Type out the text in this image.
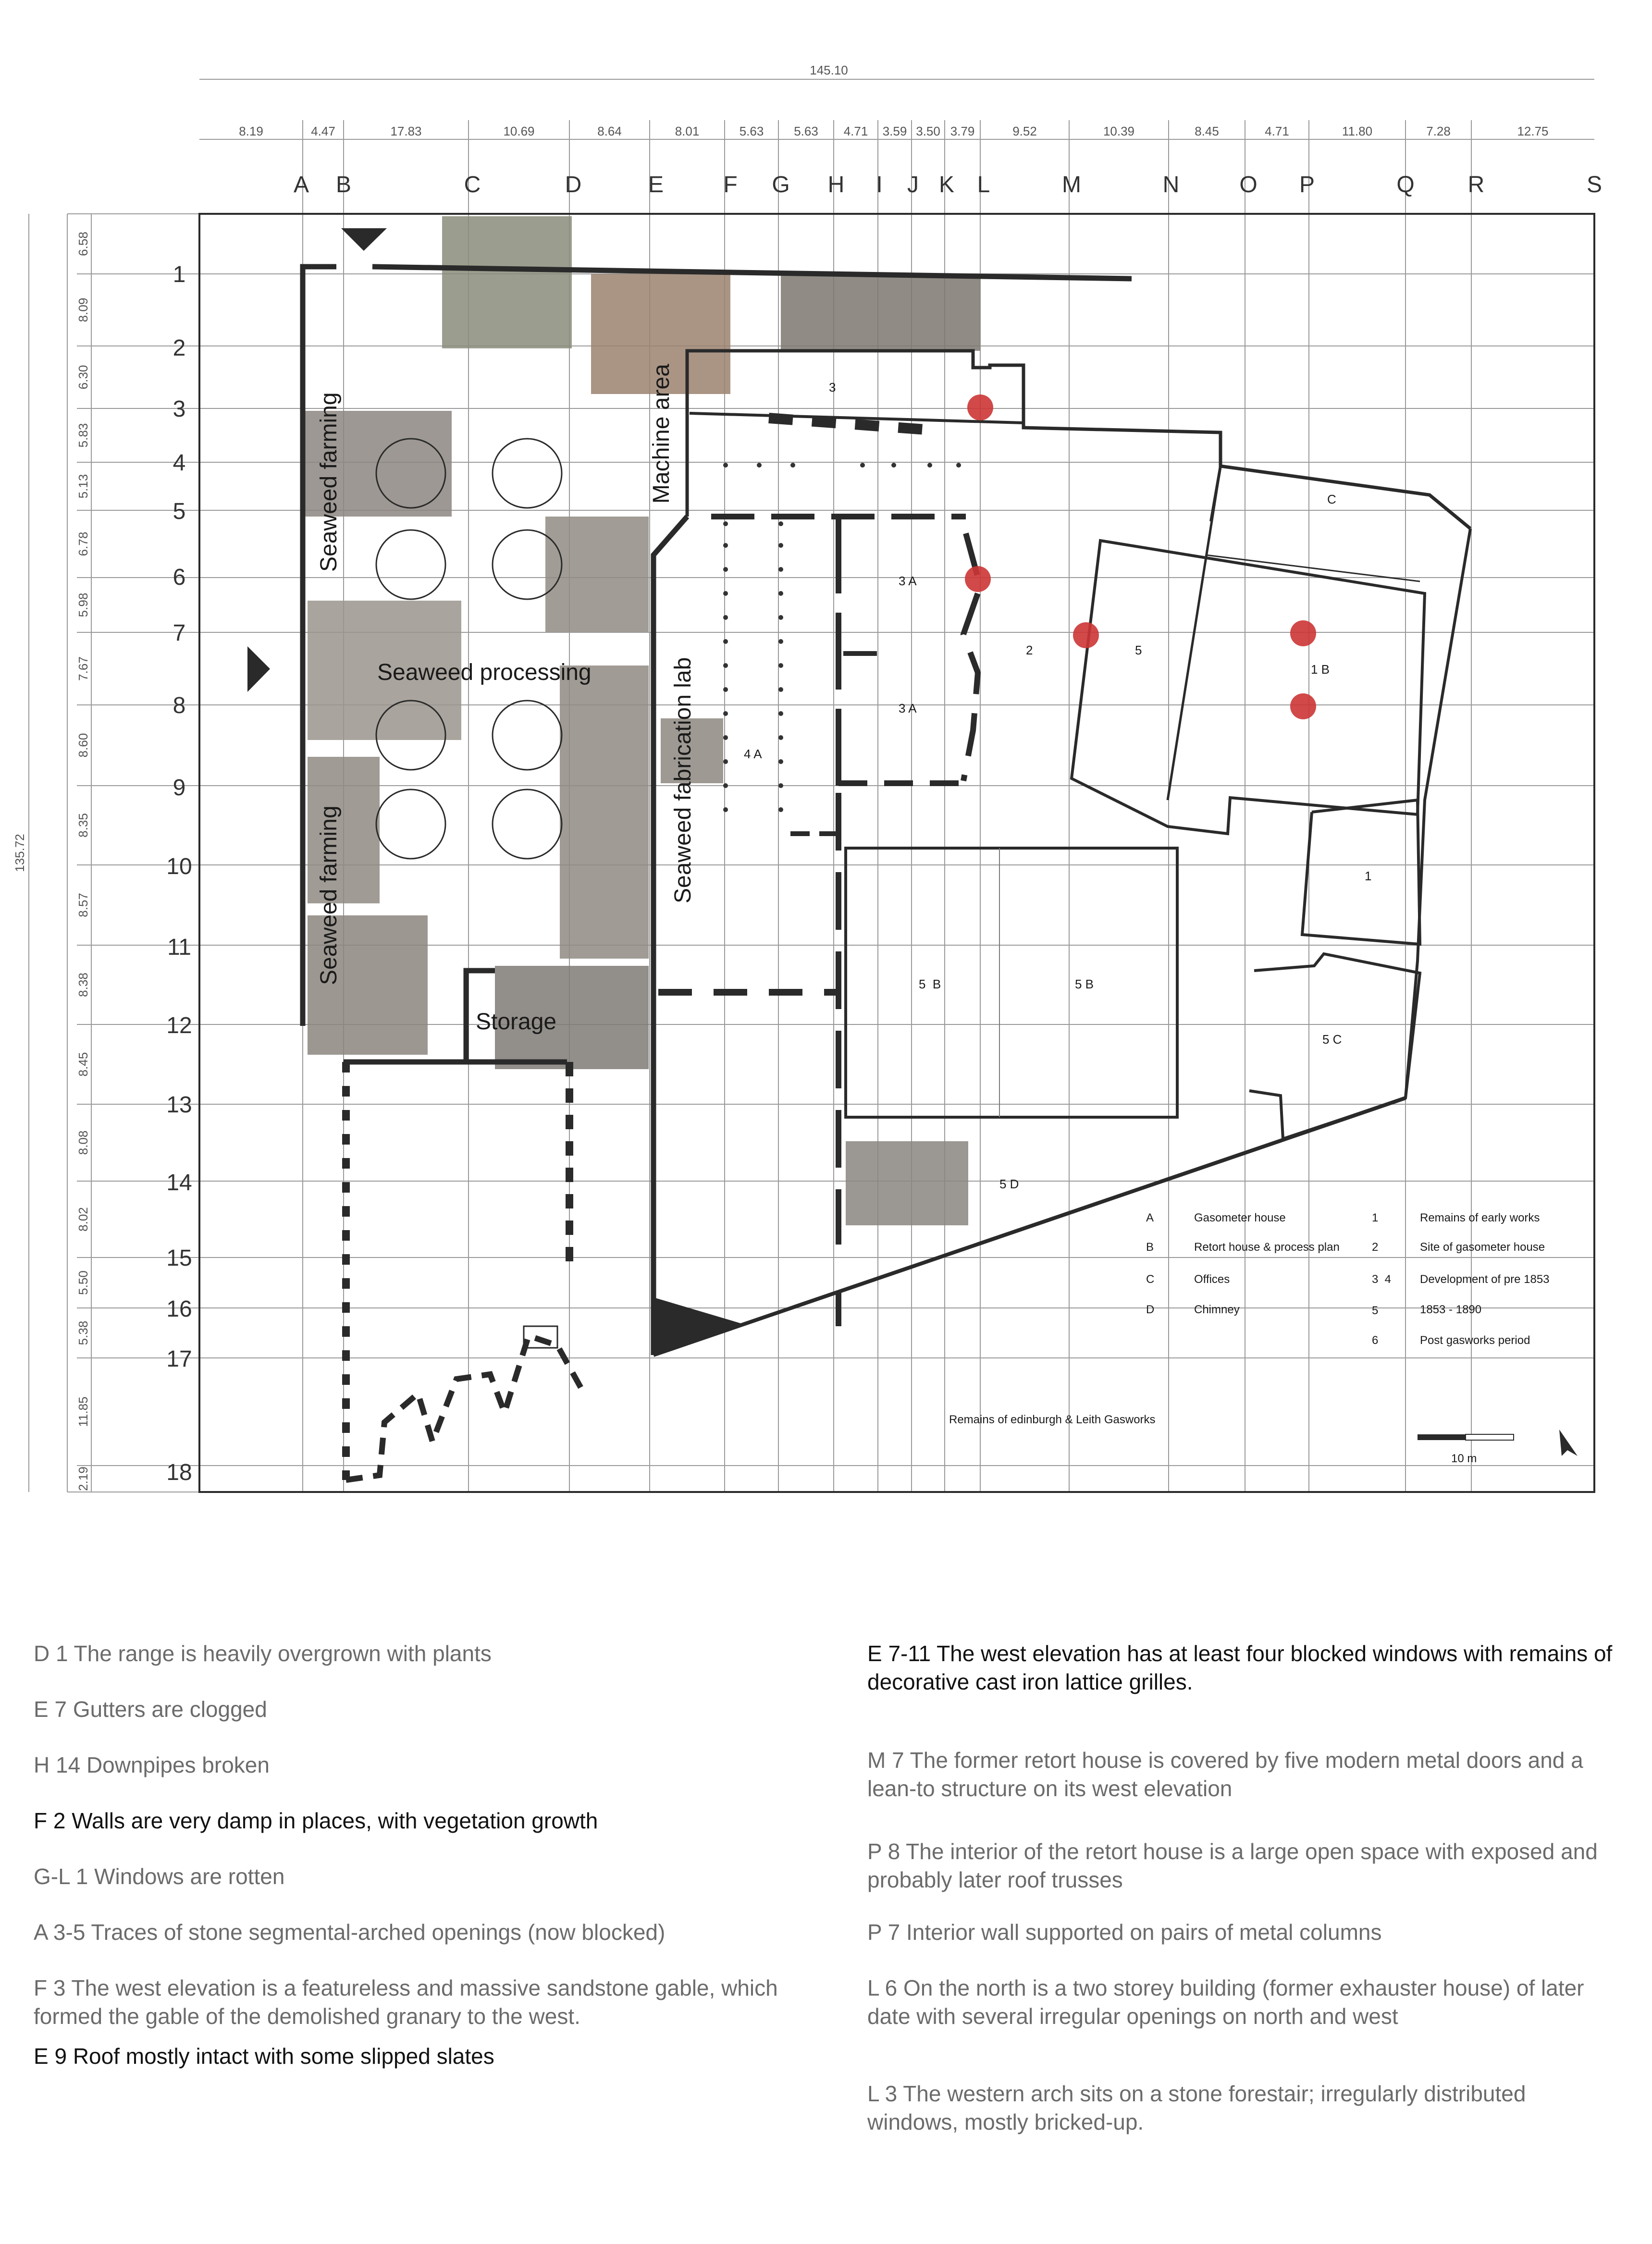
145.10
8.19	4.47	17.83	10.69	8.64	8.01	5.63 5.63 4.71 3.59 3.50 3.79	9.52	10.39	8.45	4.71	11.80	7.28	12.75
135.72
6.58
8.09
6.30
5.83
5.13
6.78
5.98
7.67
8.60
8.35
8.57
8.38
8.45
8.08
8.02
5.50
5.38
11.85
2.19
A B	C	D	E	F G H I J K L	M	N	O P	Q R	S
1
2
3
4
5
6
7
8
9
10
11
12
13
14
15
16
17
18
Seaweed farming
Seaweed farming
Machine area
Seaweed processing	Seaweed fabrication lab
Storage
3
3 A
3 A
4 A
2	5
C
1 B
1
5  B	5 B
5 C
5 D
A	Gasometer house
B	Retort house & process plan
C	Offices
D	Chimney
1	Remains of early works
2	Site of gasometer house
3  4 Development of pre 1853
5	1853 - 1890
6	Post gasworks period
Remains of edinburgh & Leith Gasworks
10 m
D 1 The range is heavily overgrown with plants
E 7 Gutters are clogged
H 14 Downpipes broken
F 2 Walls are very damp in places, with vegetation growth
G-L 1 Windows are rotten
A 3-5 Traces of stone segmental-arched openings (now blocked)
F 3 The west elevation is a featureless and massive sandstone gable, which formed the gable of the demolished granary to the west.
E 9 Roof mostly intact with some slipped slates
E 7-11 The west elevation has at least four blocked windows with remains of decorative cast iron lattice grilles.
M 7 The former retort house is covered by five modern metal doors and a lean-to structure on its west elevation
P 8 The interior of the retort house is a large open space with exposed and probably later roof trusses
P 7 Interior wall supported on pairs of metal columns
L 6 On the north is a two storey building (former exhauster house) of later date with several irregular openings on north and west
L 3 The western arch sits on a stone forestair; irregularly distributed windows, mostly bricked-up.
